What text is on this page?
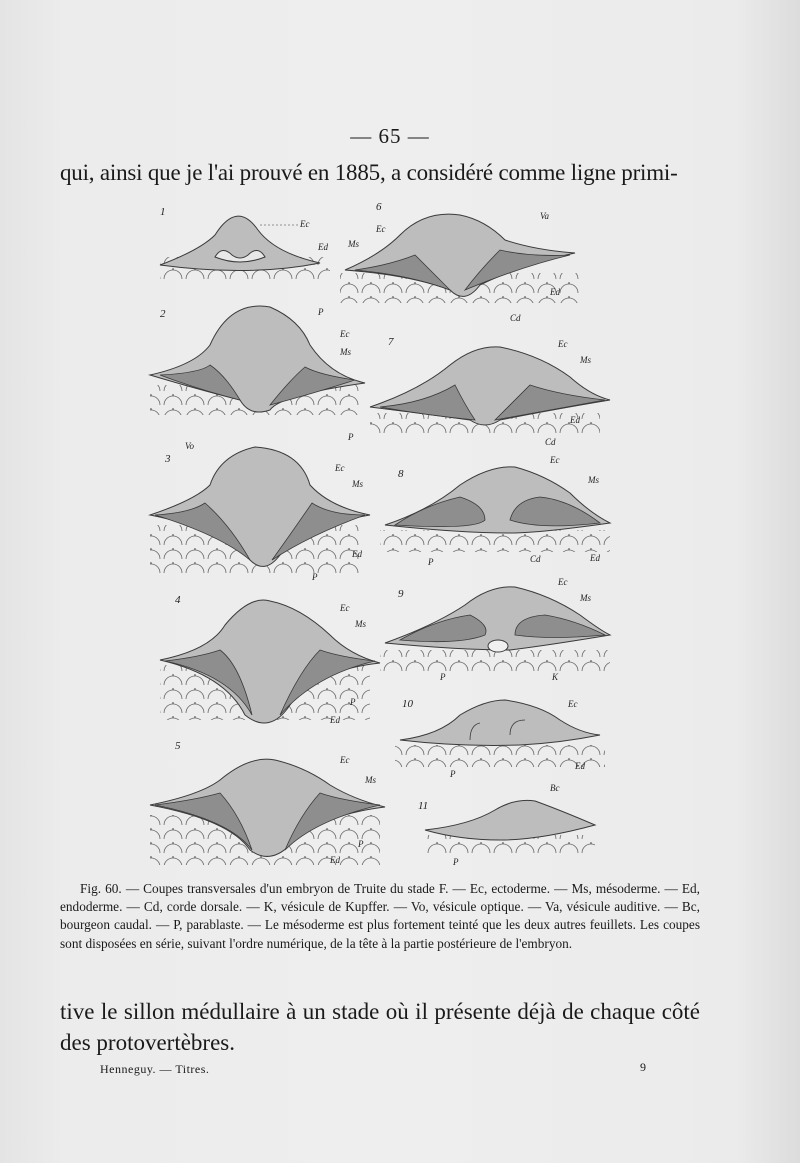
— 65 —
qui, ainsi que je l'ai prouvé en 1885, a considéré comme ligne primi-
1
Ec
Ed
P
2
Ec
Ms
3
Vo
Ec
Ms
Ed
P
4
Ec
Ms
P
Ed
5
Ec
Ms
P
Ed
6
Ec
Ms
Va
Ed
Cd
7	Ec
Ms
P
Ed
Cd
8
Ec
Ms
P	Cd	Ed
9
Ec
Ms
P	K
10	Ec
P
Ed
11
Bc
P

Fig. 60. — Coupes transversales d'un embryon de Truite du stade F. — Ec, ectoderme. — Ms, mésoderme. — Ed, endoderme. — Cd, corde dorsale. — K, vésicule de Kupffer. — Vo, vésicule optique. — Va, vésicule auditive. — Bc, bourgeon caudal. — P, parablaste. — Le mésoderme est plus fortement teinté que les deux autres feuillets. Les coupes sont disposées en série, suivant l'ordre numérique, de la tête à la partie postérieure de l'embryon.

tive le sillon médullaire à un stade où il présente déjà de chaque côté des protovertèbres.

Henneguy. — Titres.	9
